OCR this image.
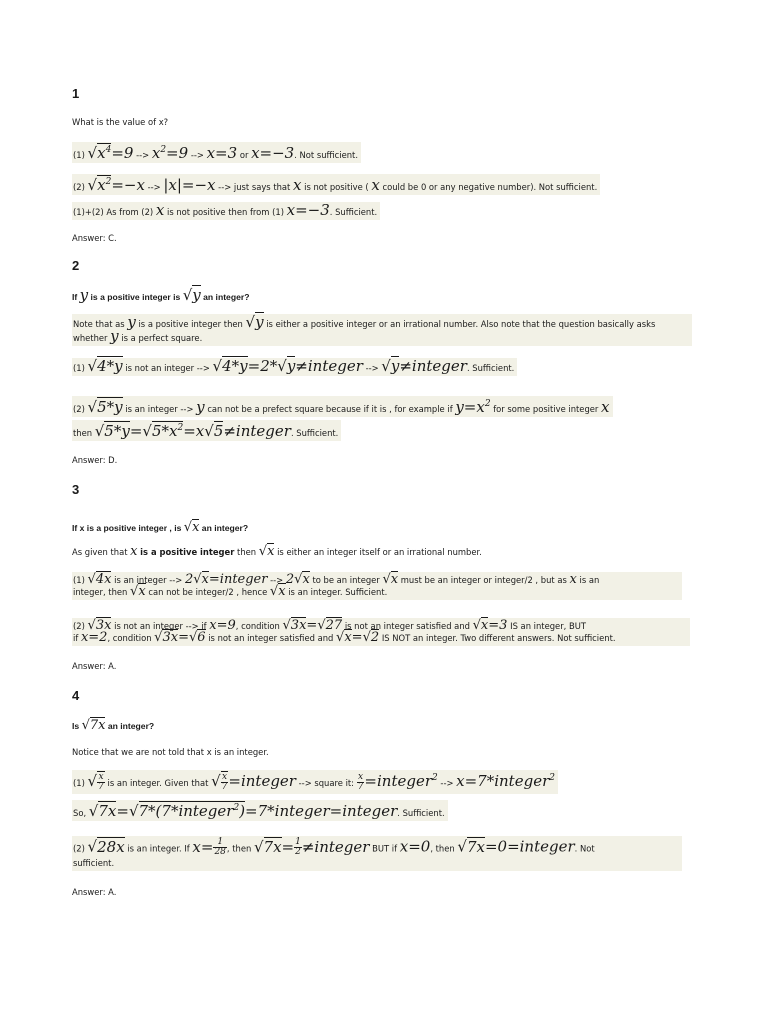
1
What is the value of x?
(1) $√x^4=9$ --> $x^2=9$ --> x=3 or x=−3. Not sufficient.
(2) $√x^2=-x$ --> |x|=−x --> just says that x is not positive ( x could be 0 or any negative number). Not sufficient.
(1)+(2) As from (2) x is not positive then from (1) x=−3. Sufficient.
Answer: C.
2
If y is a positive integer is √y an integer?
Note that as y is a positive integer then √y is either a positive integer or an irrational number. Also note that the question basically asks
whether y is a perfect square.
(1) √4*y is not an integer --> √4*y=2*√y≠integer --> √y≠integer. Sufficient.
(2) √5*y is an integer --> y can not be a prefect square because if it is , for example if $y=x^2$ for some positive integer x
then $√5*y=√5*x^2=x√5\ne integer$. Sufficient.
Answer: D.
3
If x is a positive integer , is √x an integer?
As given that x is a positive integer then √x is either an integer itself or an irrational number.
(1) √4x is an integer --> 2√x=integer --> 2√x to be an integer √x must be an integer or integer/2 , but as x is an
integer, then √x can not be integer/2 , hence √x is an integer. Sufficient.
(2) √3x is not an integer --> if x=9, condition √3x=√27 is not an integer satisfied and √x=3 IS an integer, BUT
if x=2, condition √3x=√6 is not an integer satisfied and √x=√2 IS NOT an integer. Two different answers. Not sufficient.
Answer: A.
4
Is √7x an integer?
Notice that we are not told that x is an integer.
(1) √ $\frac{x}{7}$ is an integer. Given that √ $\frac{x}{7}$ =integer --> square it: $\frac{x}{7}$ =integer$^2$ --> x=7*integer$^2$
So, √7x=√7*(7*integer$^2$)=7*integer=integer. Sufficient.
(2) √28x is an integer. If $x= \frac{1}{28}$ , then $√7x= \frac{1}{2}$ ≠integer BUT if x=0, then √7x=0=integer. Not
sufficient.
Answer: A.
